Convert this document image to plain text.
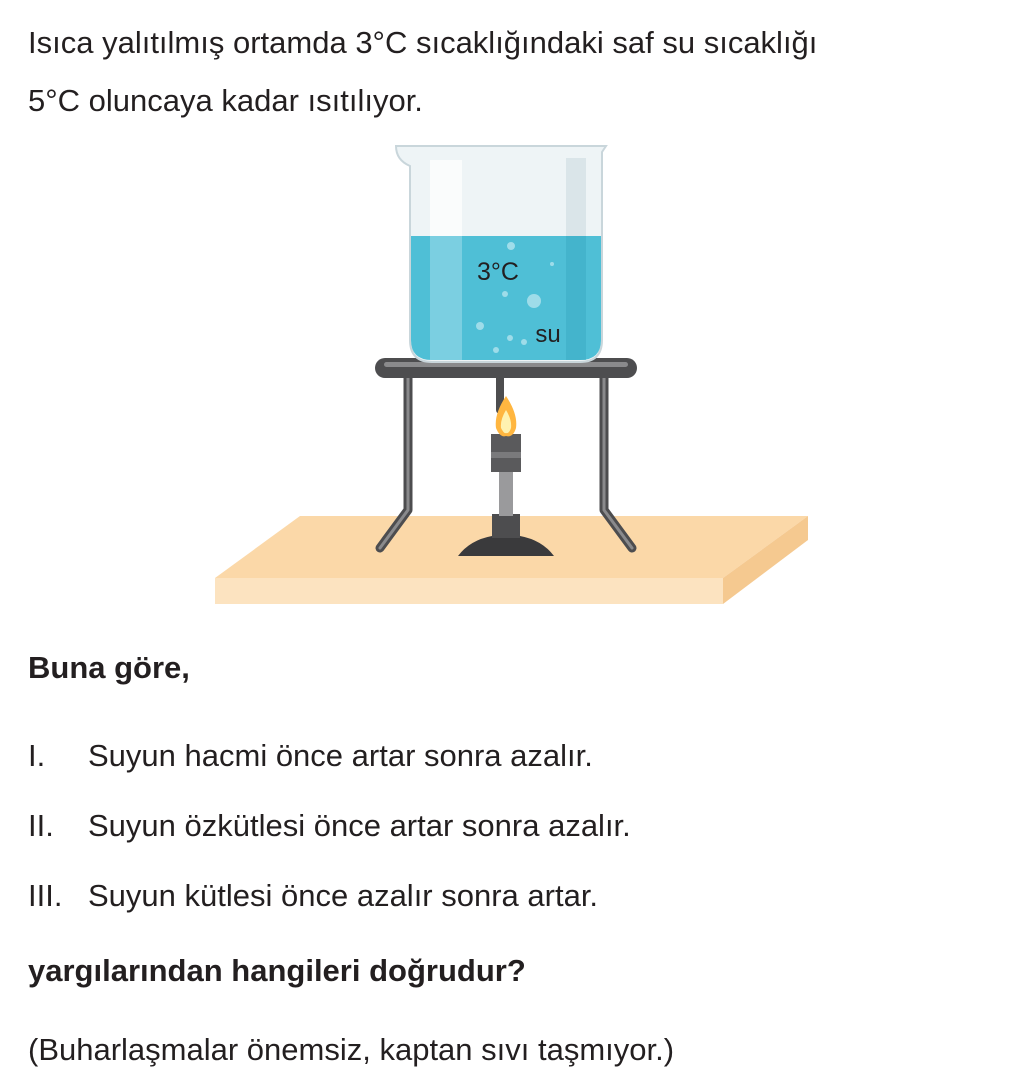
Isıca yalıtılmış ortamda 3°C sıcaklığındaki saf su sıcaklığı
5°C oluncaya kadar ısıtılıyor.

3°C
su

Buna göre,

I. Suyun hacmi önce artar sonra azalır.
II. Suyun özkütlesi önce artar sonra azalır.
III. Suyun kütlesi önce azalır sonra artar.

yargılarından hangileri doğrudur?

(Buharlaşmalar önemsiz, kaptan sıvı taşmıyor.)
